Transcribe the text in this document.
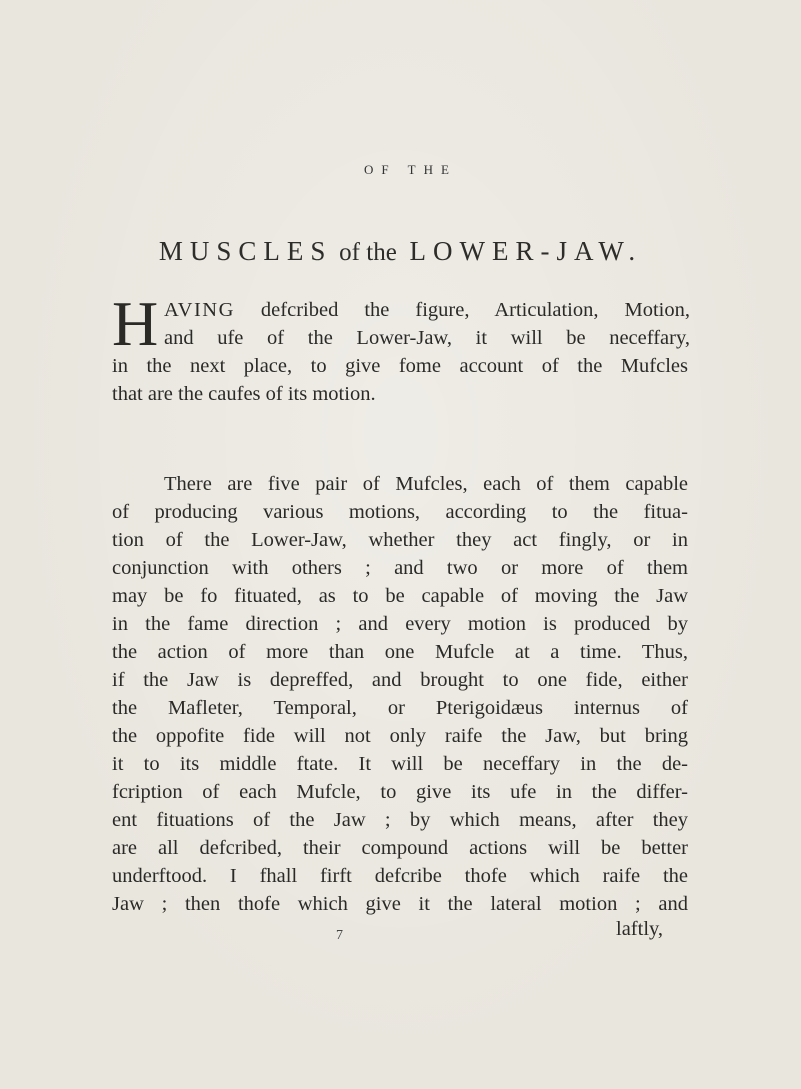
OF THE
MUSCLES of the LOWER-JAW.
H AVING defcribed the figure, Articulation, Motion,
and ufe of the Lower-Jaw, it will be neceffary,
in the next place, to give fome account of the Mufcles
that are the caufes of its motion.
There are five pair of Mufcles, each of them capable
of producing various motions, according to the fitua-
tion of the Lower-Jaw, whether they act fingly, or in
conjunction with others ; and two or more of them
may be fo fituated, as to be capable of moving the Jaw
in the fame direction ; and every motion is produced by
the action of more than one Mufcle at a time. Thus,
if the Jaw is depreffed, and brought to one fide, either
the Mafleter, Temporal, or Pterigoidæus internus of
the oppofite fide will not only raife the Jaw, but bring
it to its middle ftate. It will be neceffary in the de-
fcription of each Mufcle, to give its ufe in the differ-
ent fituations of the Jaw ; by which means, after they
are all defcribed, their compound actions will be better
underftood. I fhall firft defcribe thofe which raife the
Jaw ; then thofe which give it the lateral motion ; and
7	laftly,
